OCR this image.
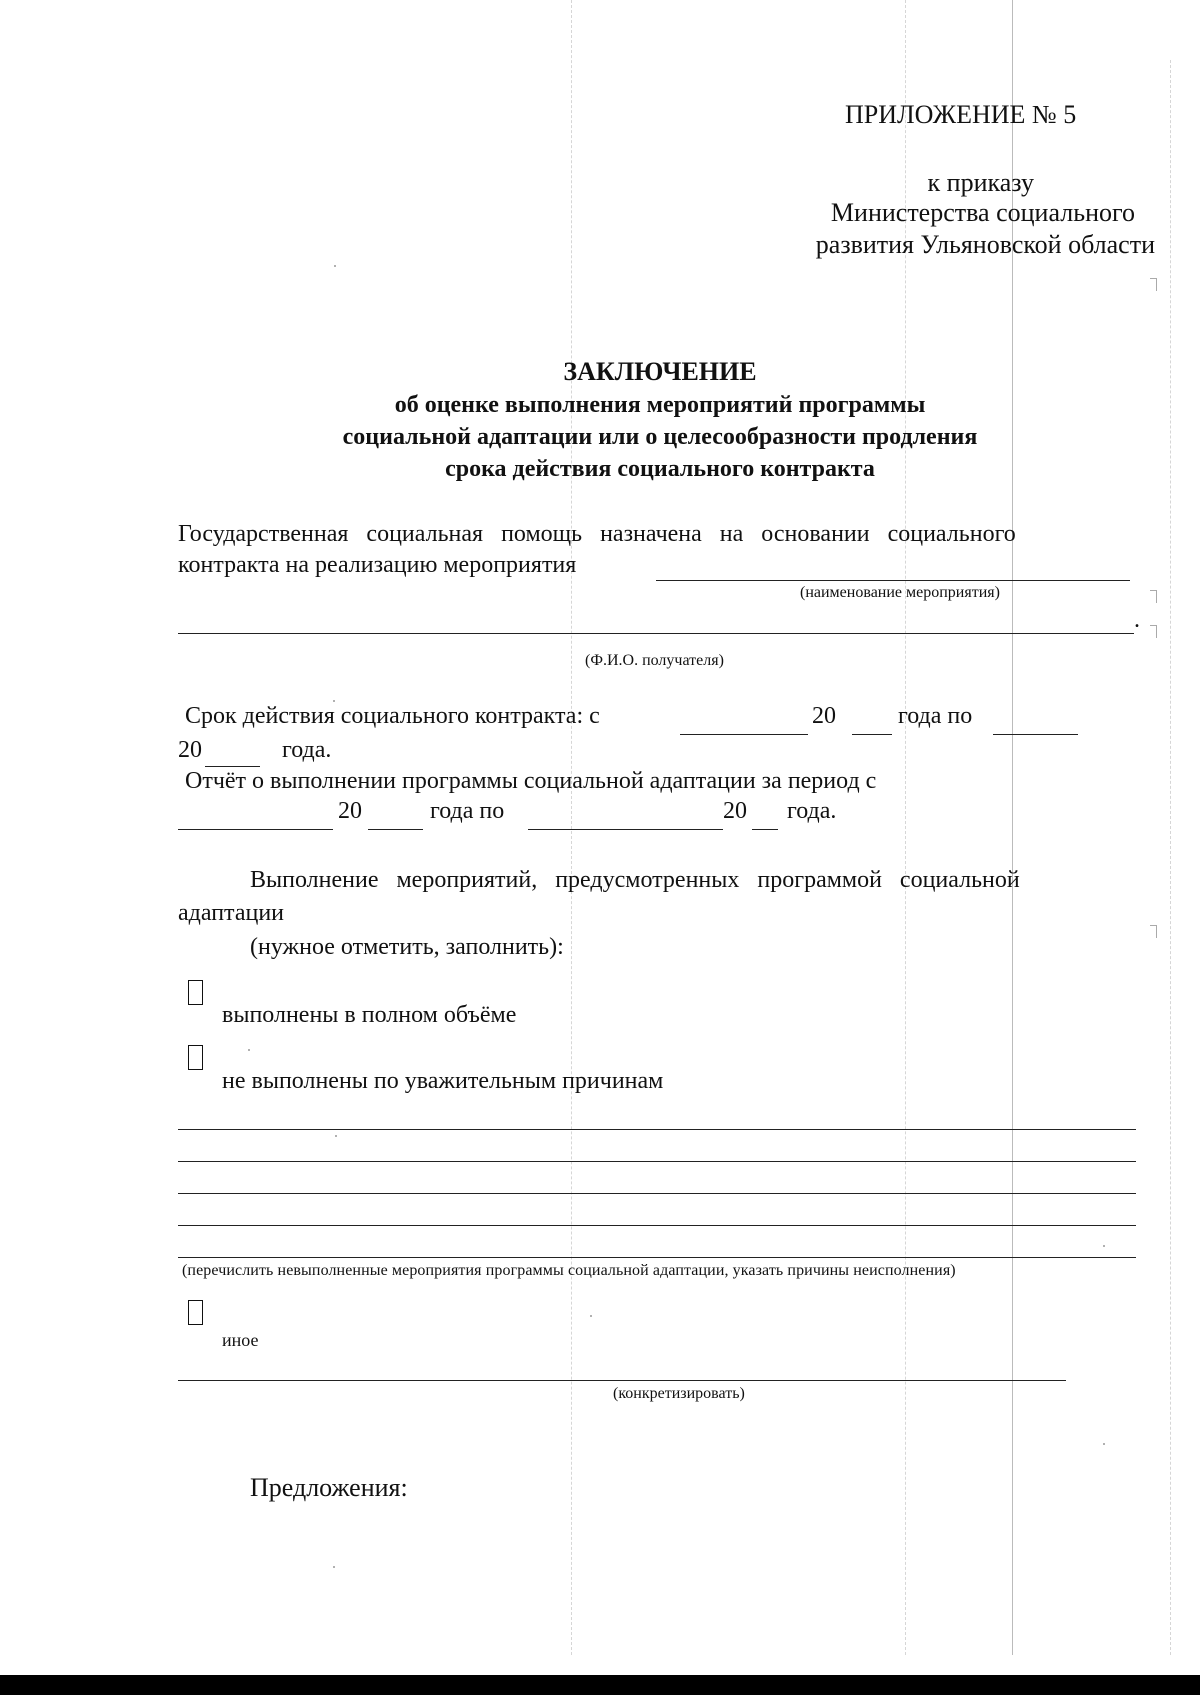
ПРИЛОЖЕНИЕ № 5
к приказу
Министерства социального
развития Ульяновской области
ЗАКЛЮЧЕНИЕ
об оценке выполнения мероприятий программы
социальной адаптации или о целесообразности продления
срока действия социального контракта
Государственная социальная помощь назначена на основании социального
контракта на реализацию мероприятия
(наименование мероприятия)
.
(Ф.И.О. получателя)
Срок действия социального контракта: с	20	года по
20	года.
Отчёт о выполнении программы социальной адаптации за период с
20	года по	20 года.
Выполнение мероприятий, предусмотренных программой социальной
адаптации
(нужное отметить, заполнить):
выполнены в полном объёме
не выполнены по уважительным причинам
(перечислить невыполненные мероприятия программы социальной адаптации, указать причины неисполнения)
иное
(конкретизировать)
Предложения:
